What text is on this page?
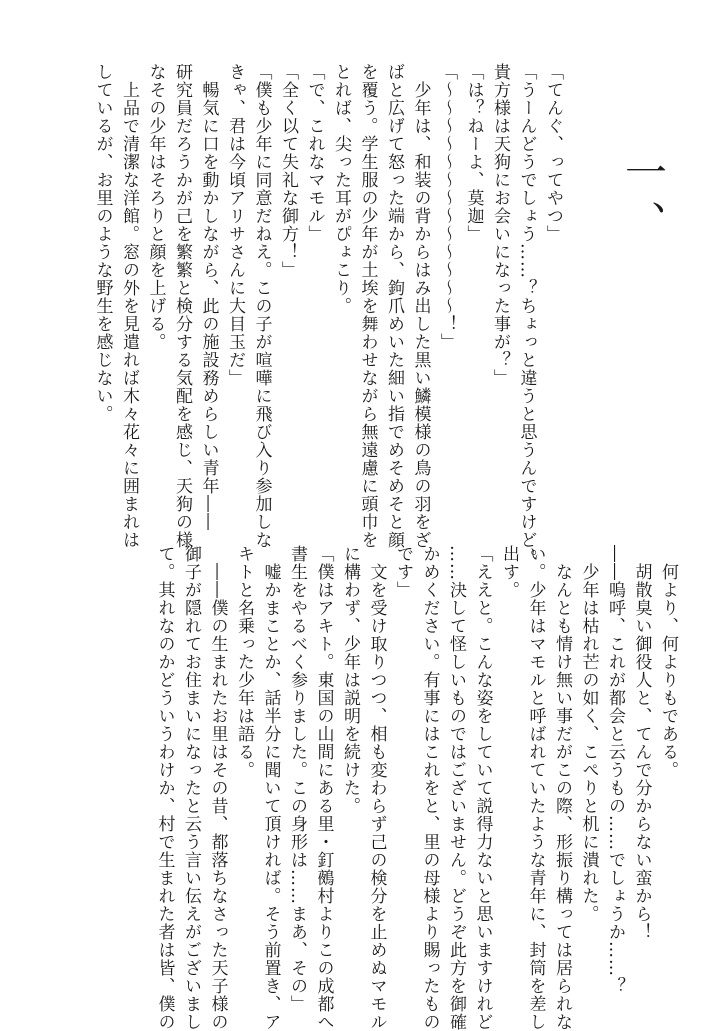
一、
「てんぐ、ってやつ」
「うーんどうでしょう……？ちょっと違うと思うんですけど。
貴方様は天狗にお会いになった事が？」
「は？ねーよ、莫迦」
「〜〜〜〜〜〜〜〜〜〜〜〜〜！」
　少年は、和装の背からはみ出した黒い鱗模様の鳥の羽をざ
ばと広げて怒った端から、鉤爪めいた細い指でめそめそと顔
を覆う。学生服の少年が土埃を舞わせながら無遠慮に頭巾を
とれば、尖った耳がぴょこり。
「で、これなマモル」
「全く以て失礼な御方！」
「僕も少年に同意だねえ。この子が喧嘩に飛び入り参加しな
きゃ、君は今頃アリサさんに大目玉だ」
　暢気に口を動かしながら、此の施設務めらしい青年――
研究員だろうかが己を繁繁と検分する気配を感じ、天狗の様
なその少年はそろりと顔を上げる。
　上品で清潔な洋館。窓の外を見遣れば木々花々に囲まれは
しているが、お里のような野生を感じない。
　何より、何よりもである。
　胡散臭い御役人と、てんで分からない蛮から！
――嗚呼、これが都会と云うもの……でしょうか……？
　少年は枯れ芒の如く、こぺりと机に潰れた。
　なんとも情け無い事だがこの際、形振り構っては居られな
い。少年はマモルと呼ばれていたような青年に、封筒を差し
出す。
「ええと。こんな姿をしていて説得力ないと思いますけれど
……決して怪しいものではございません。どうぞ此方を御確
かめください。有事にはこれをと、里の母様より賜ったもの
です」
　文を受け取りつつ、相も変わらず己の検分を止めぬマモル
に構わず、少年は説明を続けた。
「僕はアキト。東国の山間にある里・釘鵺村よりこの成都へ
書生をやるべく参りました。この身形は……まあ、その」
　嘘かまことか、話半分に聞いて頂ければ。そう前置き、ア
キトと名乗った少年は語る。
　――僕の生まれたお里はその昔、都落ちなさった天子様の
御子が隠れてお住まいになったと云う言い伝えがございまし
て。其れなのかどういうわけか、村で生まれた者は皆、僕の
